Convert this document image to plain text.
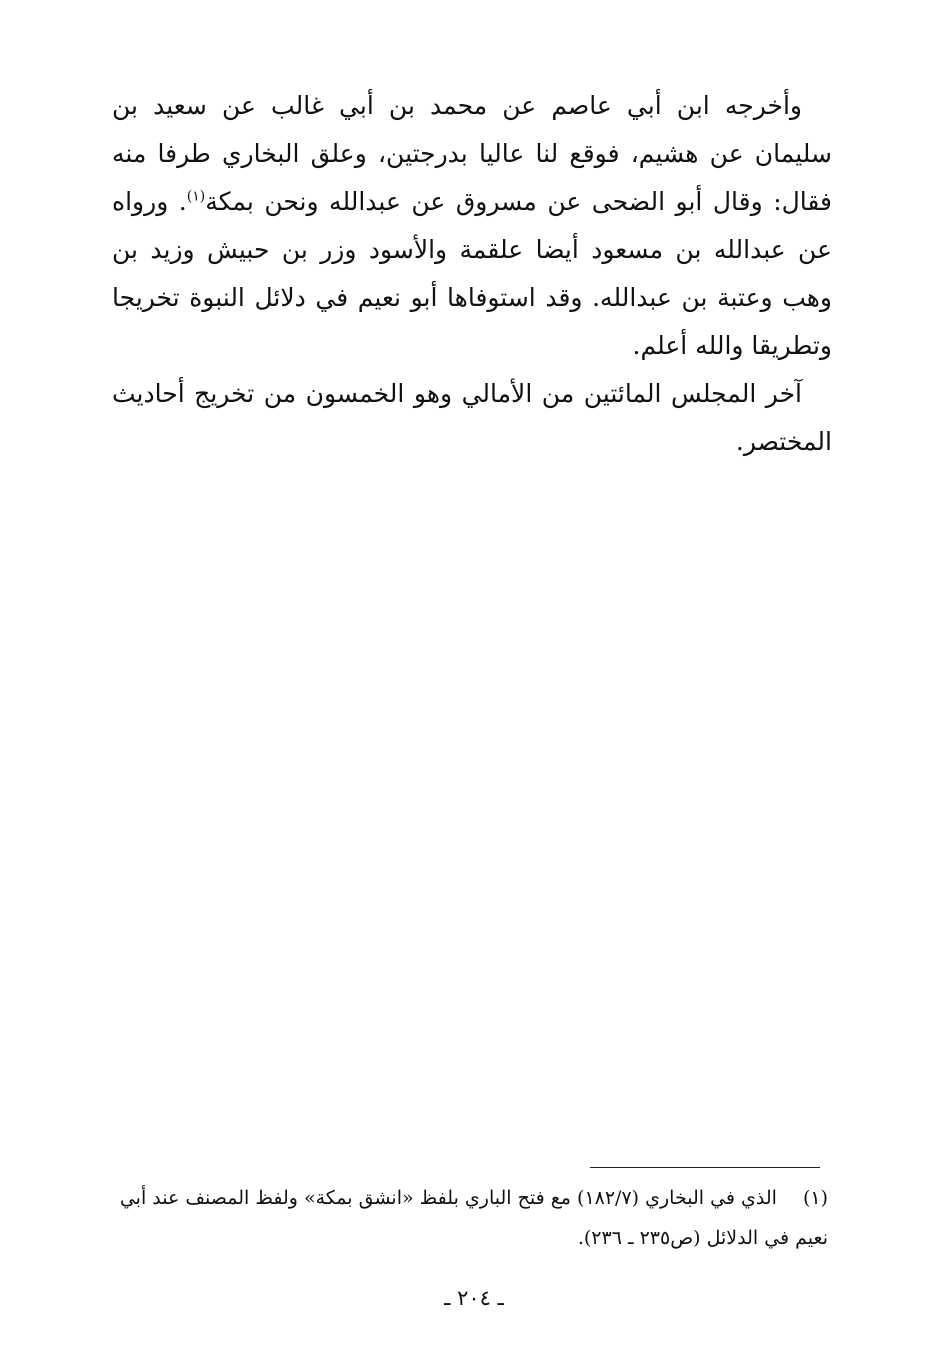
وأخرجه ابن أبي عاصم عن محمد بن أبي غالب عن سعيد بن سليمان عن هشيم، فوقع لنا عاليا بدرجتين، وعلق البخاري طرفا منه فقال: وقال أبو الضحى عن مسروق عن عبدالله ونحن بمكة$^{(١)}$. ورواه عن عبدالله بن مسعود أيضا علقمة والأسود وزر بن حبيش وزيد بن وهب وعتبة بن عبدالله. وقد استوفاها أبو نعيم في دلائل النبوة تخريجا وتطريقا والله أعلم.

آخر المجلس المائتين من الأمالي وهو الخمسون من تخريج أحاديث المختصر.

(١)الذي في البخاري (١٨٢/٧) مع فتح الباري بلفظ «انشق بمكة» ولفظ المصنف عند أبي نعيم في الدلائل (ص٢٣٥ ـ ٢٣٦).

ـ ٢٠٤ ـ
